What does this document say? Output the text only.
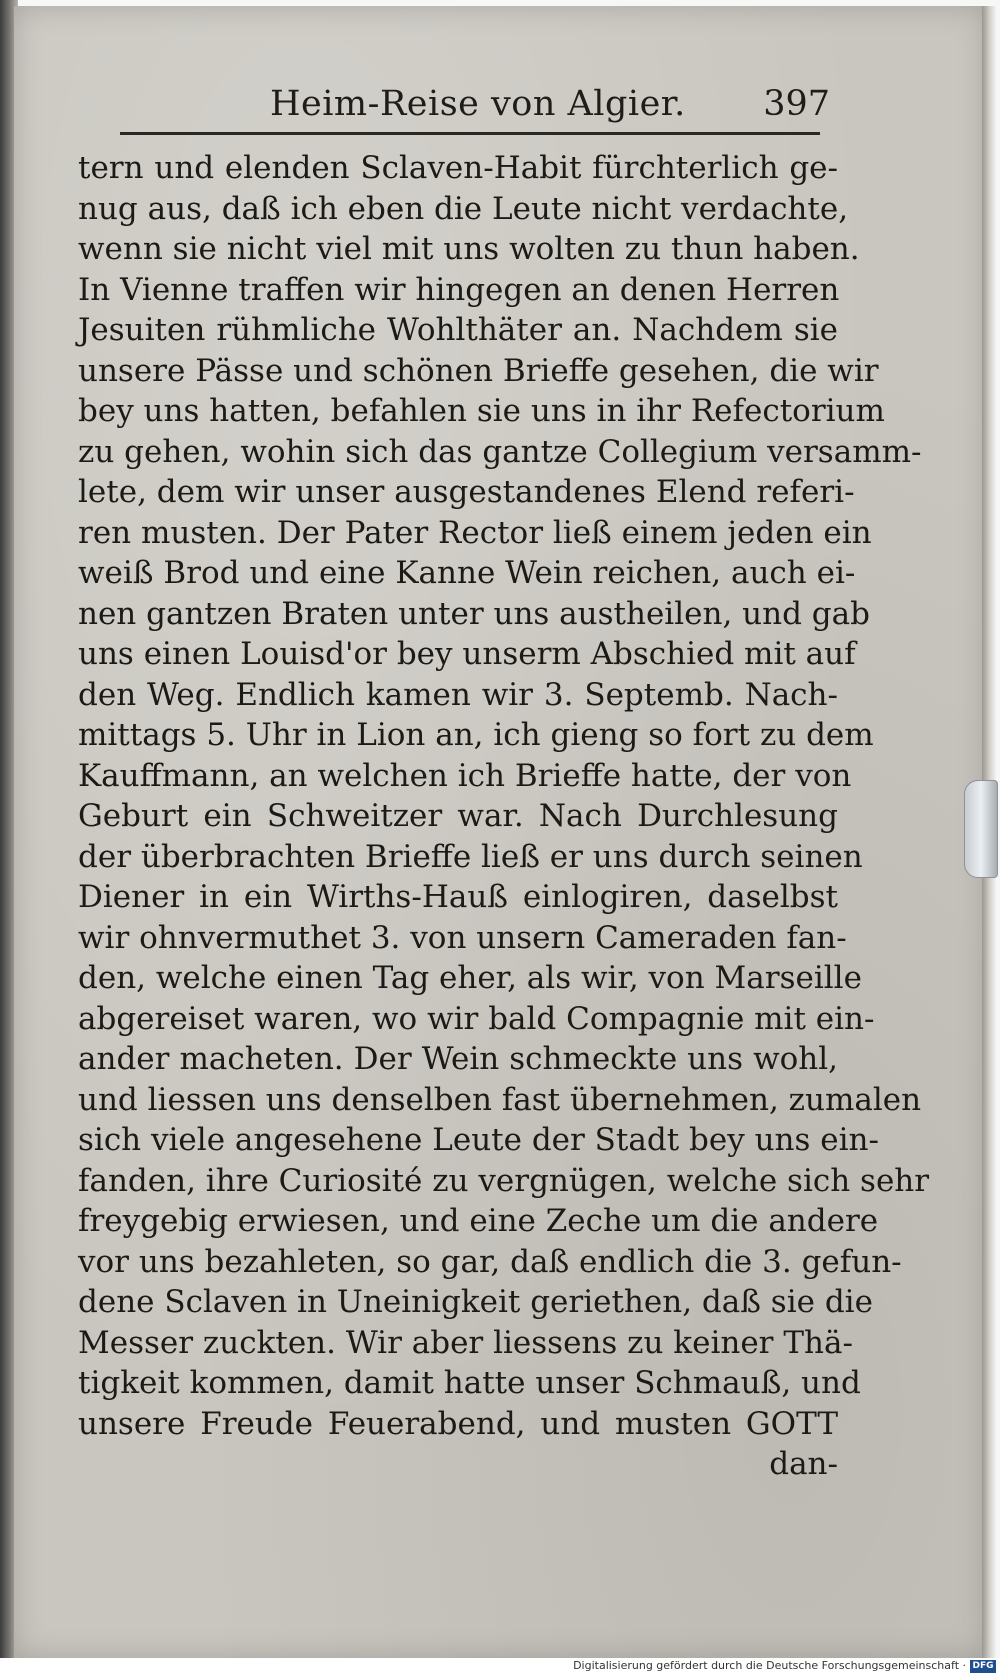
Heim-Reise von Algier. 397
tern und elenden Sclaven-Habit fürchterlich ge-
nug aus, daß ich eben die Leute nicht verdachte,
wenn sie nicht viel mit uns wolten zu thun haben.
In Vienne traffen wir hingegen an denen Herren
Jesuiten rühmliche Wohlthäter an. Nachdem sie
unsere Pässe und schönen Brieffe gesehen, die wir
bey uns hatten, befahlen sie uns in ihr Refectorium
zu gehen, wohin sich das gantze Collegium versamm-
lete, dem wir unser ausgestandenes Elend referi-
ren musten. Der Pater Rector ließ einem jeden ein
weiß Brod und eine Kanne Wein reichen, auch ei-
nen gantzen Braten unter uns austheilen, und gab
uns einen Louisd'or bey unserm Abschied mit auf
den Weg. Endlich kamen wir 3. Septemb. Nach-
mittags 5. Uhr in Lion an, ich gieng so fort zu dem
Kauffmann, an welchen ich Brieffe hatte, der von
Geburt ein Schweitzer war. Nach Durchlesung
der überbrachten Brieffe ließ er uns durch seinen
Diener in ein Wirths-Hauß einlogiren, daselbst
wir ohnvermuthet 3. von unsern Cameraden fan-
den, welche einen Tag eher, als wir, von Marseille
abgereiset waren, wo wir bald Compagnie mit ein-
ander macheten. Der Wein schmeckte uns wohl,
und liessen uns denselben fast übernehmen, zumalen
sich viele angesehene Leute der Stadt bey uns ein-
fanden, ihre Curiosité zu vergnügen, welche sich sehr
freygebig erwiesen, und eine Zeche um die andere
vor uns bezahleten, so gar, daß endlich die 3. gefun-
dene Sclaven in Uneinigkeit geriethen, daß sie die
Messer zuckten. Wir aber liessens zu keiner Thä-
tigkeit kommen, damit hatte unser Schmauß, und
unsere Freude Feuerabend, und musten GOTT
dan-
Digitalisierung gefördert durch die Deutsche Forschungsgemeinschaft · DFG
